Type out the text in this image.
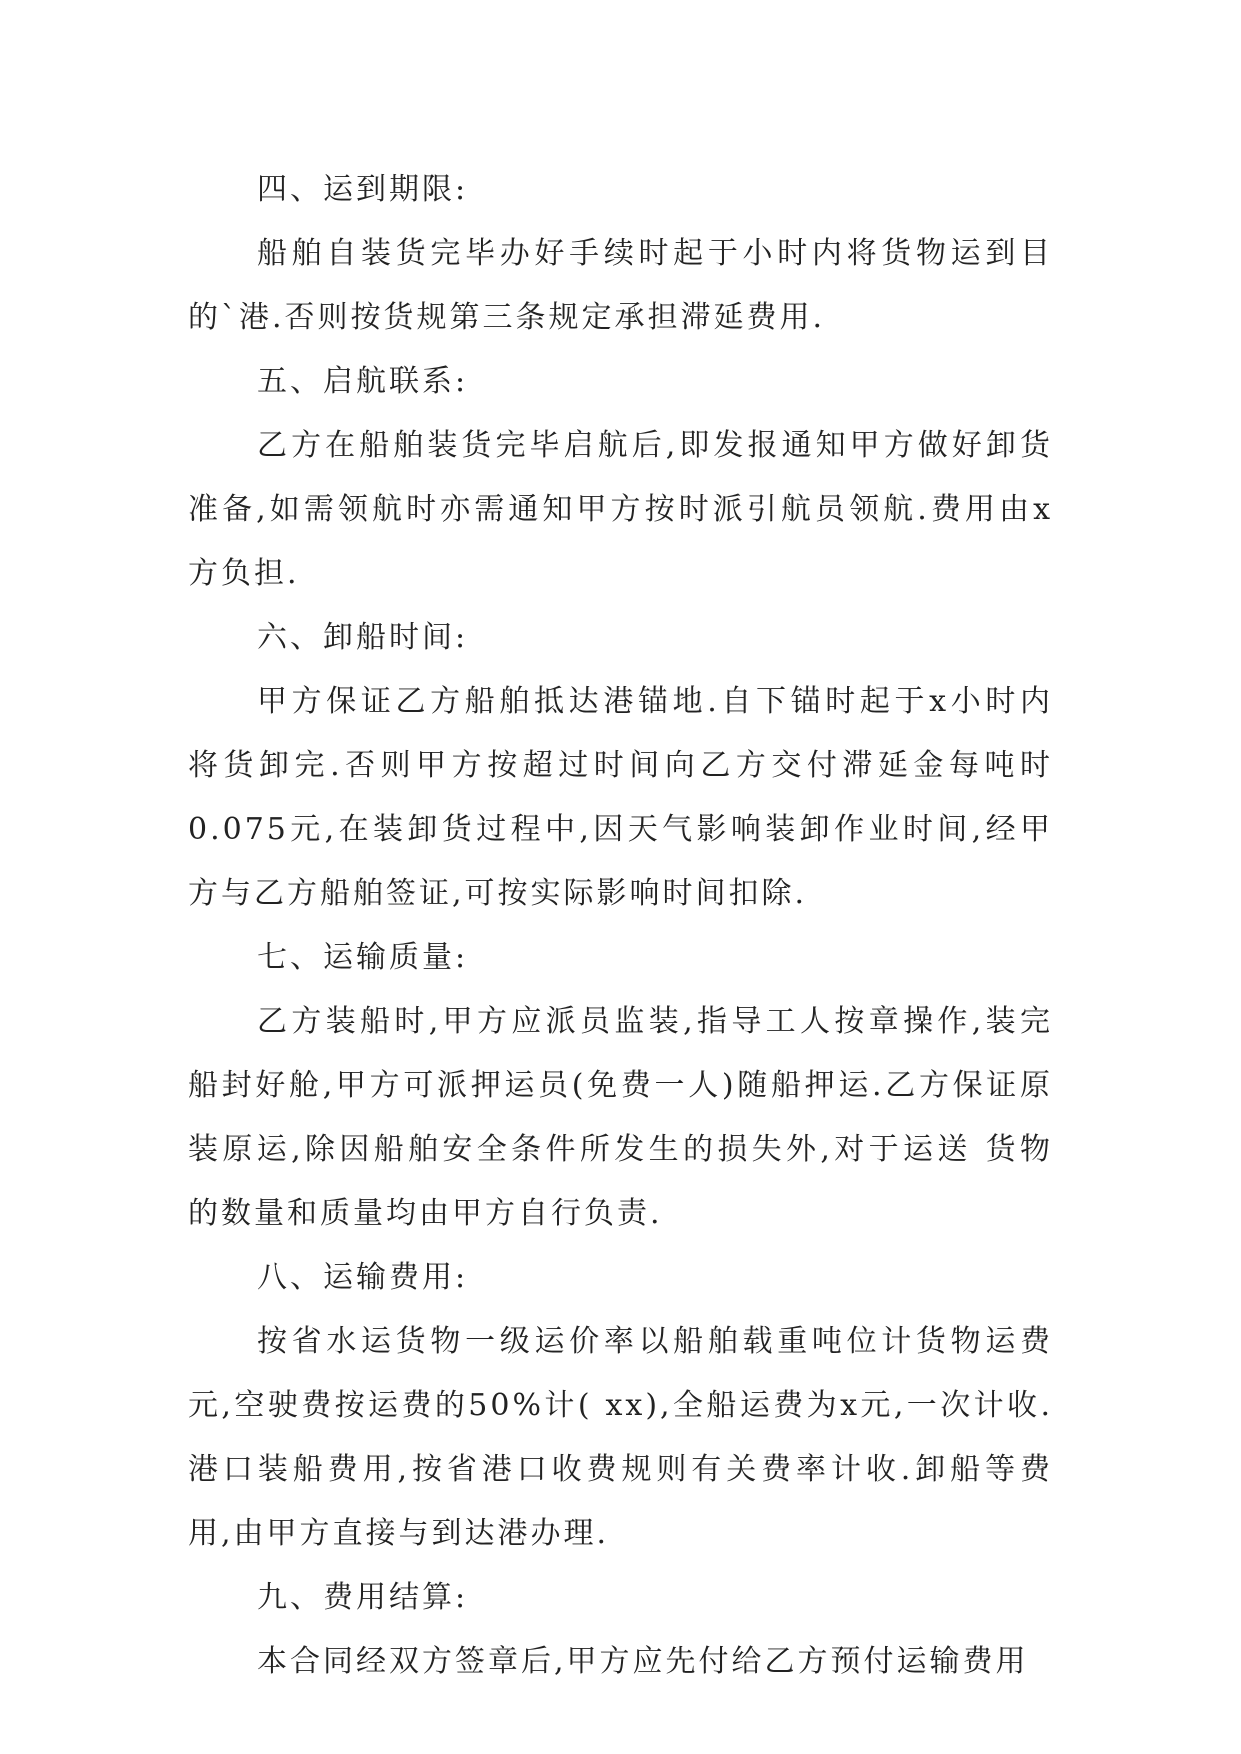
四、运到期限:
船舶自装货完毕办好手续时起于小时内将货物运到目
的`港.否则按货规第三条规定承担滞延费用.
五、启航联系:
乙方在船舶装货完毕启航后,即发报通知甲方做好卸货
准备,如需领航时亦需通知甲方按时派引航员领航.费用由x
方负担.
六、卸船时间:
甲方保证乙方船舶抵达港锚地.自下锚时起于x小时内
将货卸完.否则甲方按超过时间向乙方交付滞延金每吨时
0.075元,在装卸货过程中,因天气影响装卸作业时间,经甲
方与乙方船舶签证,可按实际影响时间扣除.
七、运输质量:
乙方装船时,甲方应派员监装,指导工人按章操作,装完
船封好舱,甲方可派押运员(免费一人)随船押运.乙方保证原
装原运,除因船舶安全条件所发生的损失外,对于运送 货物
的数量和质量均由甲方自行负责.
八、运输费用:
按省水运货物一级运价率以船舶载重吨位计货物运费
元,空驶费按运费的50%计( xx),全船运费为x元,一次计收.
港口装船费用,按省港口收费规则有关费率计收.卸船等费
用,由甲方直接与到达港办理.
九、费用结算:
本合同经双方签章后,甲方应先付给乙方预付运输费用
